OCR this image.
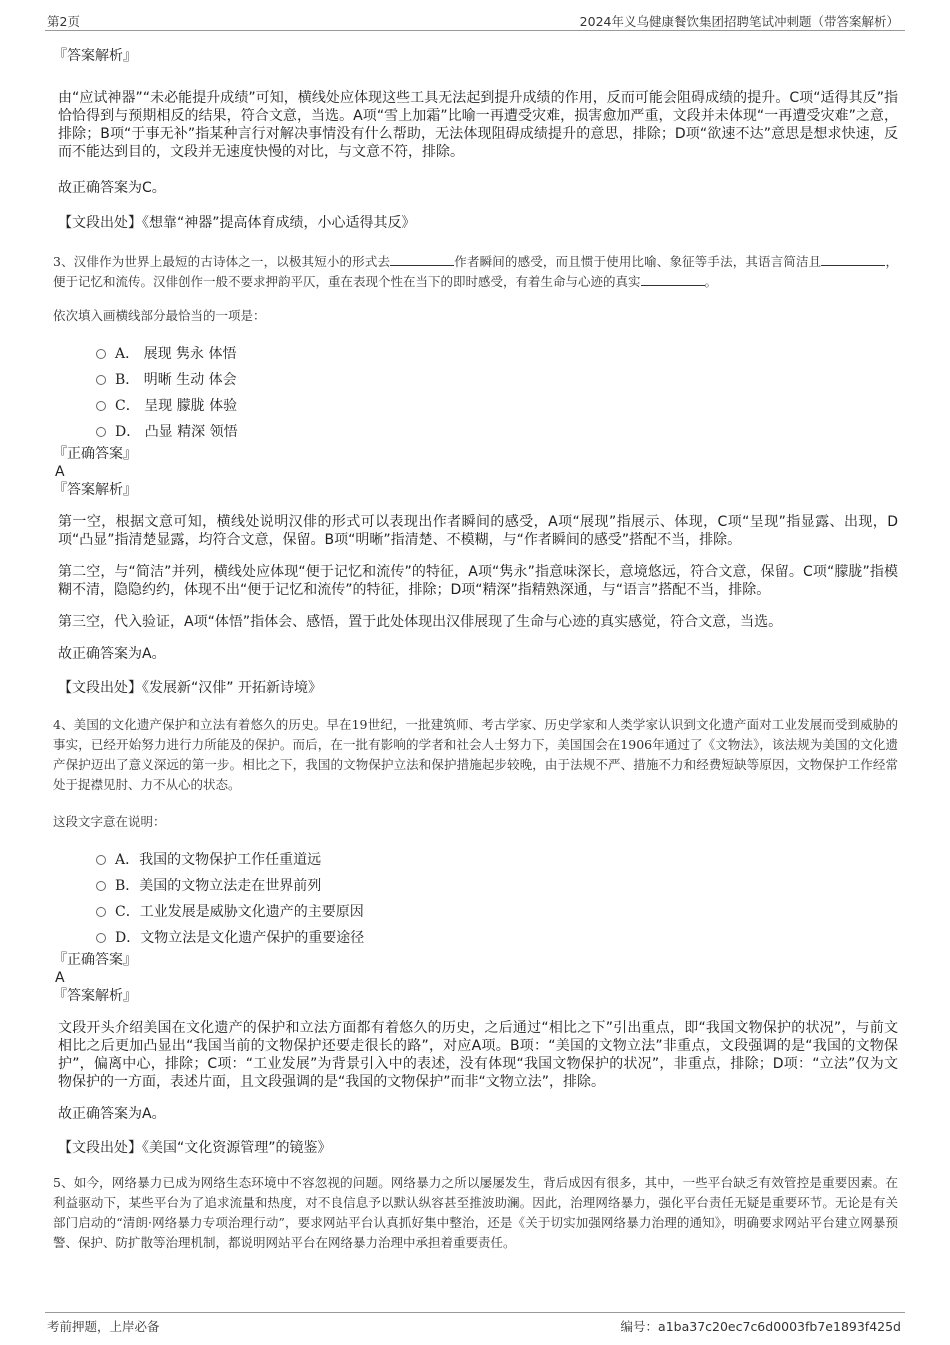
第2页	2024年义乌健康餐饮集团招聘笔试冲刺题（带答案解析）

『答案解析』

由“应试神器”“未必能提升成绩”可知，横线处应体现这些工具无法起到提升成绩的作用，反而可能会阻碍成绩的提升。C项“适得其反”指恰恰得到与预期相反的结果，符合文意，当选。A项“雪上加霜”比喻一再遭受灾难，损害愈加严重，文段并未体现“一再遭受灾难”之意，排除；B项“于事无补”指某种言行对解决事情没有什么帮助，无法体现阻碍成绩提升的意思，排除；D项“欲速不达”意思是想求快速，反而不能达到目的，文段并无速度快慢的对比，与文意不符，排除。

故正确答案为C。

【文段出处】《想靠“神器”提高体育成绩，小心适得其反》

3、汉俳作为世界上最短的古诗体之一，以极其短小的形式去	作者瞬间的感受，而且惯于使用比喻、象征等手法，其语言简洁且	，便于记忆和流传。汉俳创作一般不要求押韵平仄，重在表现个性在当下的即时感受，有着生命与心迹的真实	。

依次填入画横线部分最恰当的一项是：

A． 展现 隽永 体悟
B． 明晰 生动 体会
C． 呈现 朦胧 体验
D． 凸显 精深 领悟

『正确答案』

A

『答案解析』

第一空，根据文意可知，横线处说明汉俳的形式可以表现出作者瞬间的感受，A项“展现”指展示、体现，C项“呈现”指显露、出现，D项“凸显”指清楚显露，均符合文意，保留。B项“明晰”指清楚、不模糊，与“作者瞬间的感受”搭配不当，排除。

第二空，与“简洁”并列，横线处应体现“便于记忆和流传”的特征，A项“隽永”指意味深长，意境悠远，符合文意，保留。C项“朦胧”指模糊不清，隐隐约约，体现不出“便于记忆和流传”的特征，排除；D项“精深”指精熟深通，与“语言”搭配不当，排除。

第三空，代入验证，A项“体悟”指体会、感悟，置于此处体现出汉俳展现了生命与心迹的真实感觉，符合文意，当选。

故正确答案为A。

【文段出处】《发展新“汉俳” 开拓新诗境》

4、美国的文化遗产保护和立法有着悠久的历史。早在19世纪，一批建筑师、考古学家、历史学家和人类学家认识到文化遗产面对工业发展而受到威胁的事实，已经开始努力进行力所能及的保护。而后，在一批有影响的学者和社会人士努力下，美国国会在1906年通过了《文物法》，该法规为美国的文化遗产保护迈出了意义深远的第一步。相比之下，我国的文物保护立法和保护措施起步较晚，由于法规不严、措施不力和经费短缺等原因，文物保护工作经常处于捉襟见肘、力不从心的状态。

这段文字意在说明：

A．我国的文物保护工作任重道远
B．美国的文物立法走在世界前列
C．工业发展是威胁文化遗产的主要原因
D．文物立法是文化遗产保护的重要途径

『正确答案』

A

『答案解析』

文段开头介绍美国在文化遗产的保护和立法方面都有着悠久的历史，之后通过“相比之下”引出重点，即“我国文物保护的状况”，与前文相比之后更加凸显出“我国当前的文物保护还要走很长的路”，对应A项。B项：“美国的文物立法”非重点，文段强调的是“我国的文物保护”，偏离中心，排除；C项：“工业发展”为背景引入中的表述，没有体现“我国文物保护的状况”，非重点，排除；D项：“立法”仅为文物保护的一方面，表述片面，且文段强调的是“我国的文物保护”而非“文物立法”，排除。

故正确答案为A。

【文段出处】《美国“文化资源管理”的镜鉴》

5、如今，网络暴力已成为网络生态环境中不容忽视的问题。网络暴力之所以屡屡发生，背后成因有很多，其中，一些平台缺乏有效管控是重要因素。在利益驱动下，某些平台为了追求流量和热度，对不良信息予以默认纵容甚至推波助澜。因此，治理网络暴力，强化平台责任无疑是重要环节。无论是有关部门启动的“清朗·网络暴力专项治理行动”，要求网站平台认真抓好集中整治，还是《关于切实加强网络暴力治理的通知》，明确要求网站平台建立网暴预警、保护、防扩散等治理机制，都说明网站平台在网络暴力治理中承担着重要责任。

考前押题，上岸必备	编号：a1ba37c20ec7c6d0003fb7e1893f425d
